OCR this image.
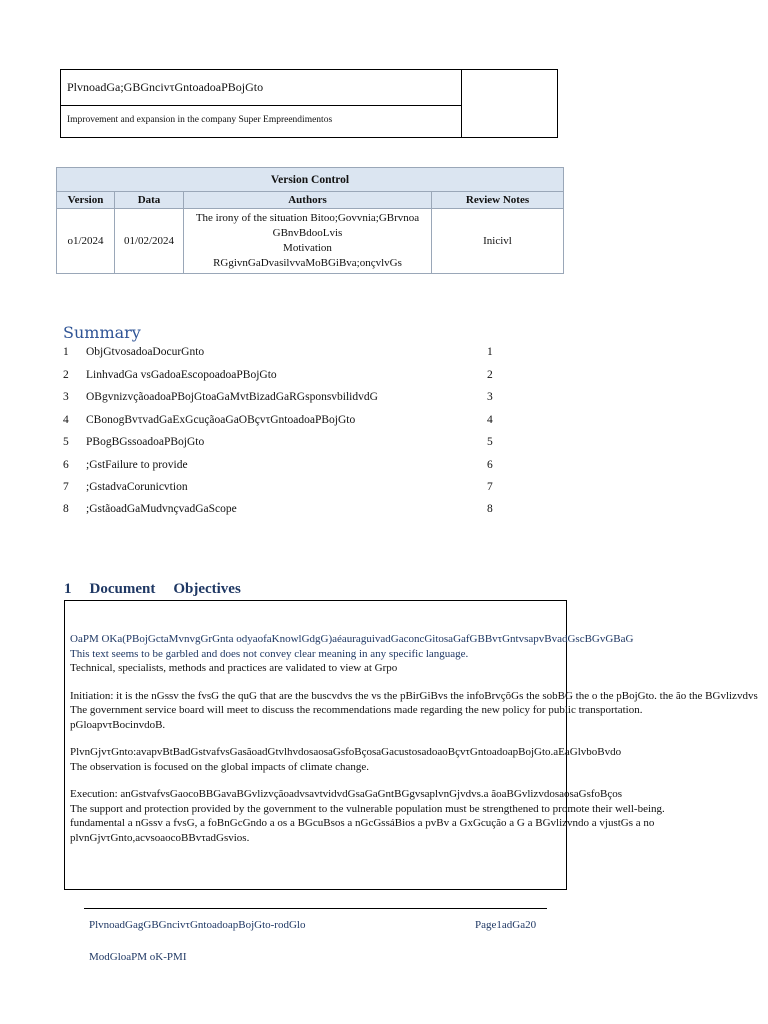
PlvnoadGa;GBGncivτGntoadoaPBojGto
Improvement and expansion in the company Super Empreendimentos
Version Control			
Version	Data	Authors	Review Notes
o1/2024	01/02/2024	The irony of the situation Bitoo;Govvnia;GBrvnoa GBnvBdooLvis
Motivation
RGgivnGaDvasilvvaMoBGiBva;onçvlvGs	Inicivl
Summary
1 ObjGtvosadoaDocurGnto	1
2 LinhvadGa vsGadoaEscopoadoaPBojGto	2
3 OBgvnizvçãoadoaPBojGtoaGaMvtBizadGaRGsponsvbilidvdG	3
4 CBonogBvτvadGaExGcuçãoaGaOBçvτGntoadoaPBojGto	4
5 PBogBGssoadoaPBojGto	5
6 ;GstFailure to provide	6
7 ;GstadvaCorunicvtion	7
8 ;GstãoadGaMudvnçvadGaScope	8
1 Document Objectives

OaPM OKa(PBojGctaMvnvgGrGnta odyaofaKnowlGdgG)aéauraguivadGaconcGitosaGafGBBvτGntvsapvBvadGscBGvGBaG
This text seems to be garbled and does not convey clear meaning in any specific language.
Technical, specialists, methods and practices are validated to view at Grpo

Initiation: it is the nGssv the fvsG the quG that are the buscvdvs the vs the pBirGiBvs the infoBrvçõGs the sobBG the o the pBojGto. the ão the BGvlizvdvs
The government service board will meet to discuss the recommendations made regarding the new policy for public transportation.
pGloapvτBocinvdoB.

PlvnGjvτGnto:avapvBtBadGstvafvsGasãoadGtvlhvdosaosaGsfoBçosaGacustosadoaoBçvτGntoadoapBojGto.aEaGlvboBvdo
The observation is focused on the global impacts of climate change.

Execution: anGstvafvsGaocoBBGavaBGvlizvçãoadvsavtvidvdGsaGaGntBGgvsaplvnGjvdvs.a ãoaBGvlizvdosaosaGsfoBços
The support and protection provided by the government to the vulnerable population must be strengthened to promote their well-being.
fundamental a nGssv a fvsG, a foBnGcGndo a os a BGcuBsos a nGcGssáBios a pvBv a GxGcução a G a BGvlizvndo a vjustGs a no
plvnGjvτGnto,acvsoaocoBBvτadGsvios.

PlvnoadGagGBGncivτGntoadoapBojGto-rodGlo	Page1adGa20
ModGloaPM oK-PMI
